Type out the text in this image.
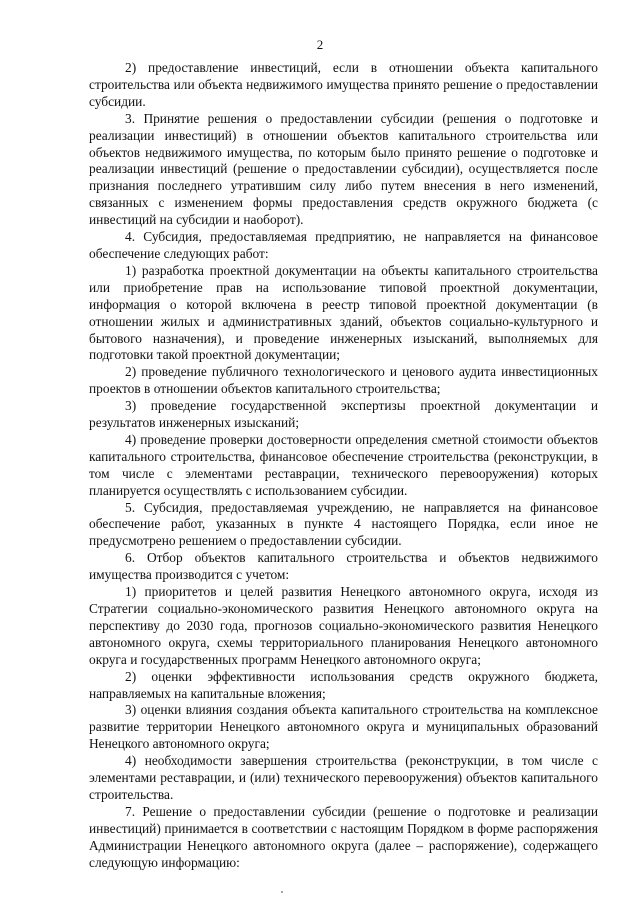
2

2) предоставление инвестиций, если в отношении объекта капитального строительства или объекта недвижимого имущества принято решение о предоставлении субсидии.

3. Принятие решения о предоставлении субсидии (решения о подготовке и реализации инвестиций) в отношении объектов капитального строительства или объектов недвижимого имущества, по которым было принято решение о подготовке и реализации инвестиций (решение о предоставлении субсидии), осуществляется после признания последнего утратившим силу либо путем внесения в него изменений, связанных с изменением формы предоставления средств окружного бюджета (с инвестиций на субсидии и наоборот).

4. Субсидия, предоставляемая предприятию, не направляется на финансовое обеспечение следующих работ:

1) разработка проектной документации на объекты капитального строительства или приобретение прав на использование типовой проектной документации, информация о которой включена в реестр типовой проектной документации (в отношении жилых и административных зданий, объектов социально-культурного и бытового назначения), и проведение инженерных изысканий, выполняемых для подготовки такой проектной документации;

2) проведение публичного технологического и ценового аудита инвестиционных проектов в отношении объектов капитального строительства;

3) проведение государственной экспертизы проектной документации и результатов инженерных изысканий;

4) проведение проверки достоверности определения сметной стоимости объектов капитального строительства, финансовое обеспечение строительства (реконструкции, в том числе с элементами реставрации, технического перевооружения) которых планируется осуществлять с использованием субсидии.

5. Субсидия, предоставляемая учреждению, не направляется на финансовое обеспечение работ, указанных в пункте 4 настоящего Порядка, если иное не предусмотрено решением о предоставлении субсидии.

6. Отбор объектов капитального строительства и объектов недвижимого имущества производится с учетом:

1) приоритетов и целей развития Ненецкого автономного округа, исходя из Стратегии социально-экономического развития Ненецкого автономного округа на перспективу до 2030 года, прогнозов социально-экономического развития Ненецкого автономного округа, схемы территориального планирования Ненецкого автономного округа и государственных программ Ненецкого автономного округа;

2) оценки эффективности использования средств окружного бюджета, направляемых на капитальные вложения;

3) оценки влияния создания объекта капитального строительства на комплексное развитие территории Ненецкого автономного округа и муниципальных образований Ненецкого автономного округа;

4) необходимости завершения строительства (реконструкции, в том числе с элементами реставрации, и (или) технического перевооружения) объектов капитального строительства.

7. Решение о предоставлении субсидии (решение о подготовке и реализации инвестиций) принимается в соответствии с настоящим Порядком в форме распоряжения Администрации Ненецкого автономного округа (далее – распоряжение), содержащего следующую информацию:
